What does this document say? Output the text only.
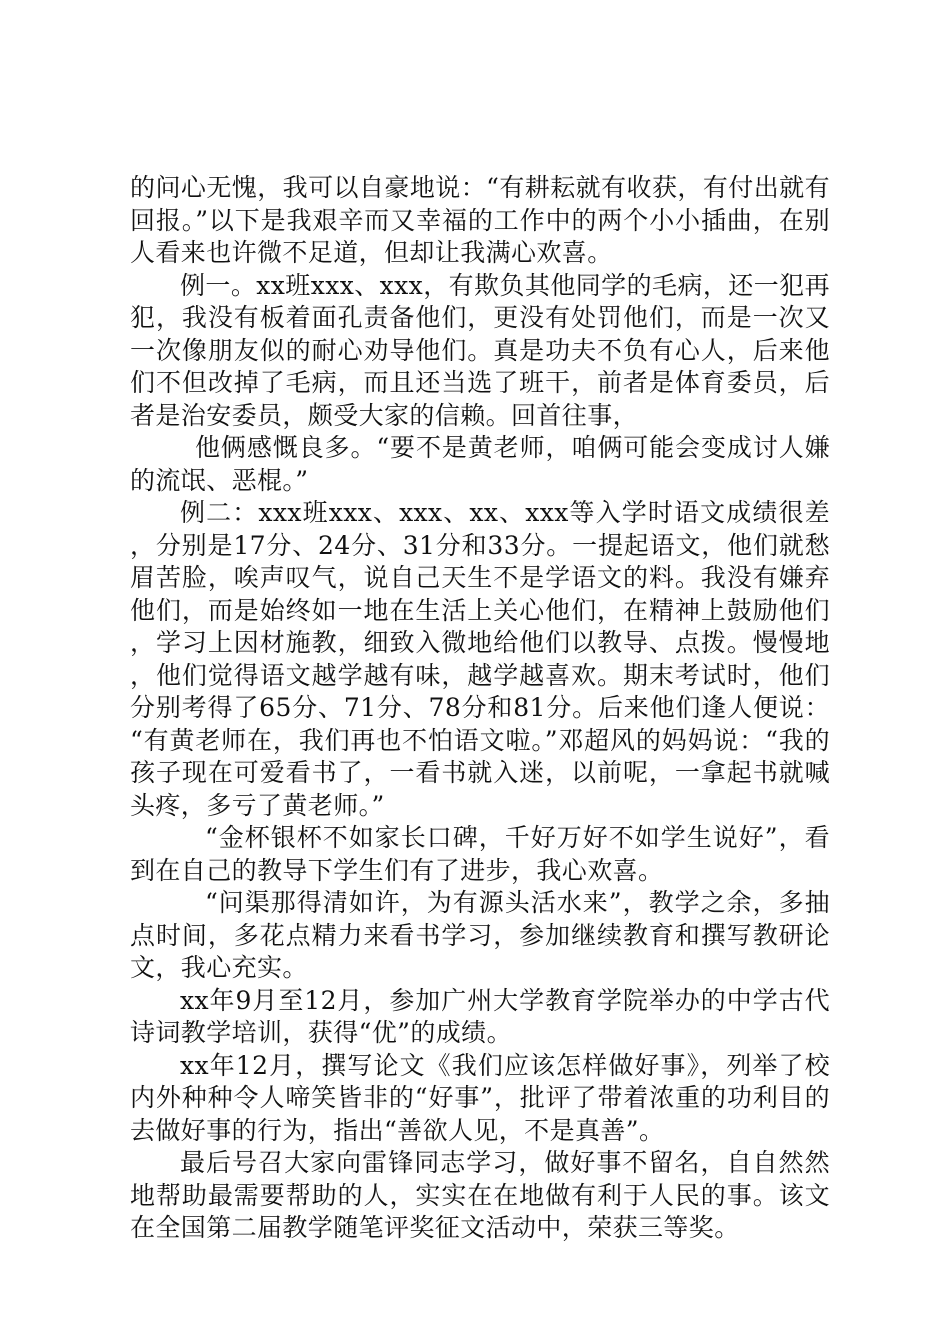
的问心无愧，我可以自豪地说：“有耕耘就有收获，有付出就有回报。”以下是我艰辛而又幸福的工作中的两个小小插曲，在别人看来也许微不足道，但却让我满心欢喜。

例一。xx班xxx、xxx，有欺负其他同学的毛病，还一犯再犯，我没有板着面孔责备他们，更没有处罚他们，而是一次又一次像朋友似的耐心劝导他们。真是功夫不负有心人，后来他们不但改掉了毛病，而且还当选了班干，前者是体育委员，后者是治安委员，颇受大家的信赖。回首往事，

他俩感慨良多。“要不是黄老师，咱俩可能会变成讨人嫌的流氓、恶棍。”

例二：xxx班xxx、xxx、xx、xxx等入学时语文成绩很差，分别是17分、24分、31分和33分。一提起语文，他们就愁眉苦脸，唉声叹气，说自己天生不是学语文的料。我没有嫌弃他们，而是始终如一地在生活上关心他们，在精神上鼓励他们，学习上因材施教，细致入微地给他们以教导、点拨。慢慢地，他们觉得语文越学越有味，越学越喜欢。期末考试时，他们分别考得了65分、71分、78分和81分。后来他们逢人便说：“有黄老师在，我们再也不怕语文啦。”邓超风的妈妈说：“我的孩子现在可爱看书了，一看书就入迷，以前呢，一拿起书就喊头疼，多亏了黄老师。”

“金杯银杯不如家长口碑，千好万好不如学生说好”，看到在自己的教导下学生们有了进步，我心欢喜。

“问渠那得清如许，为有源头活水来”，教学之余，多抽点时间，多花点精力来看书学习，参加继续教育和撰写教研论文，我心充实。

xx年9月至12月，参加广州大学教育学院举办的中学古代诗词教学培训，获得“优”的成绩。

xx年12月，撰写论文《我们应该怎样做好事》，列举了校内外种种令人啼笑皆非的“好事”，批评了带着浓重的功利目的去做好事的行为，指出“善欲人见，不是真善”。

最后号召大家向雷锋同志学习，做好事不留名，自自然然地帮助最需要帮助的人，实实在在地做有利于人民的事。该文在全国第二届教学随笔评奖征文活动中，荣获三等奖。
